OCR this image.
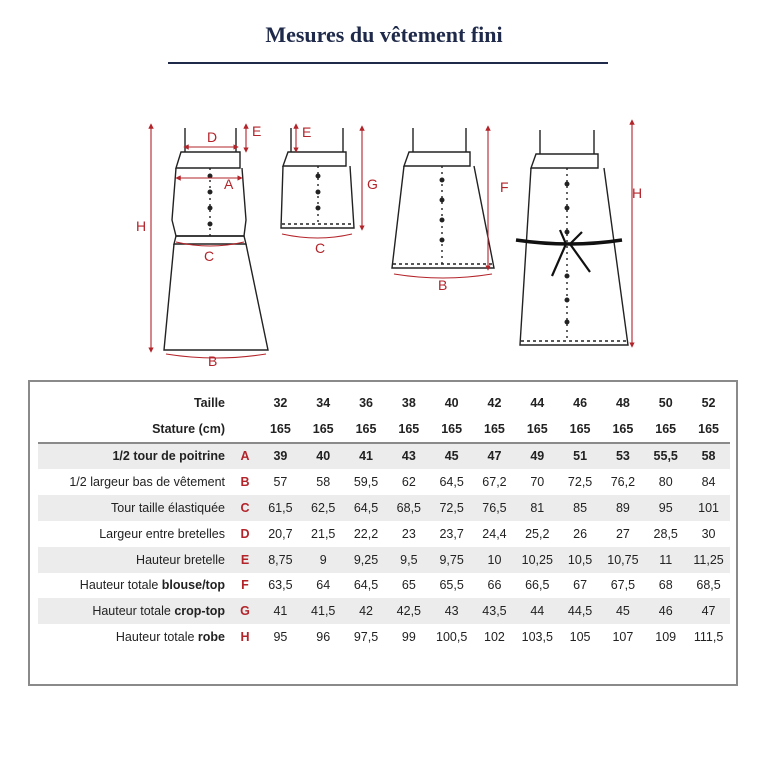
Mesures du vêtement fini
D E
A
C
H
B
E
G
C
F
B
H
Taille		32	34	36	38	40	42	44	46	48	50	52
Stature (cm)		165	165	165	165	165	165	165	165	165	165	165
1/2 tour de poitrine	A	39	40	41	43	45	47	49	51	53	55,5	58
1/2 largeur bas de vêtement	B	57	58	59,5	62	64,5	67,2	70	72,5	76,2	80	84
Tour taille élastiquée	C	61,5	62,5	64,5	68,5	72,5	76,5	81	85	89	95	101
Largeur entre bretelles	D	20,7	21,5	22,2	23	23,7	24,4	25,2	26	27	28,5	30
Hauteur bretelle	E	8,75	9	9,25	9,5	9,75	10	10,25	10,5	10,75	11	11,25
Hauteur totale blouse/top	F	63,5	64	64,5	65	65,5	66	66,5	67	67,5	68	68,5
Hauteur totale crop-top	G	41	41,5	42	42,5	43	43,5	44	44,5	45	46	47
Hauteur totale robe	H	95	96	97,5	99	100,5	102	103,5	105	107	109	111,5
